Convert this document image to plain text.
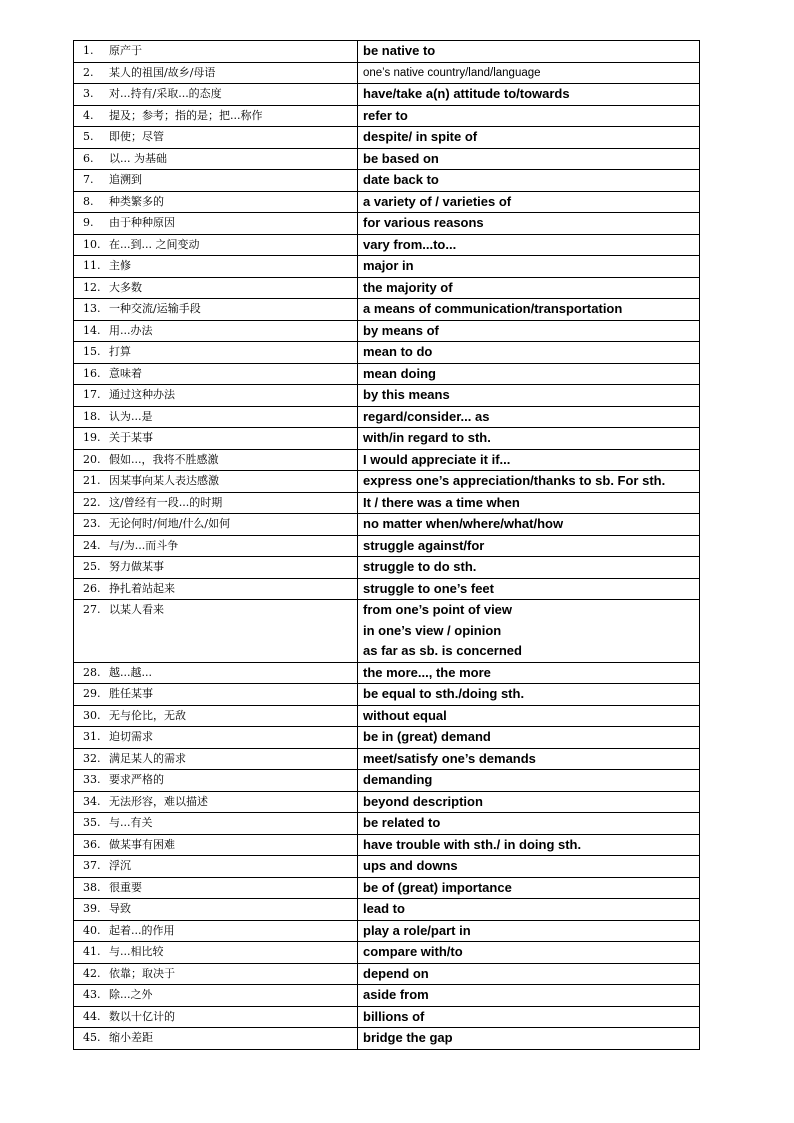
1. 原产于	be native to

2. 某人的祖国/故乡/母语	one’s native country/land/language

3. 对...持有/采取...的态度	have/take a(n) attitude to/towards

4. 提及；参考；指的是；把...称作	refer to

5. 即使；尽管	despite/ in spite of

6. 以... 为基础	be based on

7. 追溯到	date back to

8. 种类繁多的	a variety of / varieties of

9. 由于种种原因	for various reasons

10. 在...到... 之间变动	vary from...to...

11. 主修	major in

12. 大多数	the majority of

13. 一种交流/运输手段	a means of communication/transportation

14. 用...办法	by means of

15. 打算	mean to do

16. 意味着	mean doing

17. 通过这种办法	by this means

18. 认为...是	regard/consider... as

19. 关于某事	with/in regard to sth.

20. 假如...，我将不胜感激	I would appreciate it if...

21. 因某事向某人表达感激	express one’s appreciation/thanks to sb. For sth.

22. 这/曾经有一段...的时期	It / there was a time when

23. 无论何时/何地/什么/如何	no matter when/where/what/how

24. 与/为...而斗争	struggle against/for

25. 努力做某事	struggle to do sth.

26. 挣扎着站起来	struggle to one’s feet

27. 以某人看来	from one’s point of view
in one’s view / opinion
as far as sb. is concerned

28. 越...越...	the more..., the more

29. 胜任某事	be equal to sth./doing sth.

30. 无与伦比，无敌	without equal

31. 迫切需求	be in (great) demand

32. 满足某人的需求	meet/satisfy one’s demands

33. 要求严格的	demanding

34. 无法形容，难以描述	beyond description

35. 与...有关	be related to

36. 做某事有困难	have trouble with sth./ in doing sth.

37. 浮沉	ups and downs

38. 很重要	be of (great) importance

39. 导致	lead to

40. 起着...的作用	play a role/part in

41. 与...相比较	compare with/to

42. 依靠；取决于	depend on

43. 除...之外	aside from

44. 数以十亿计的	billions of

45. 缩小差距	bridge the gap
